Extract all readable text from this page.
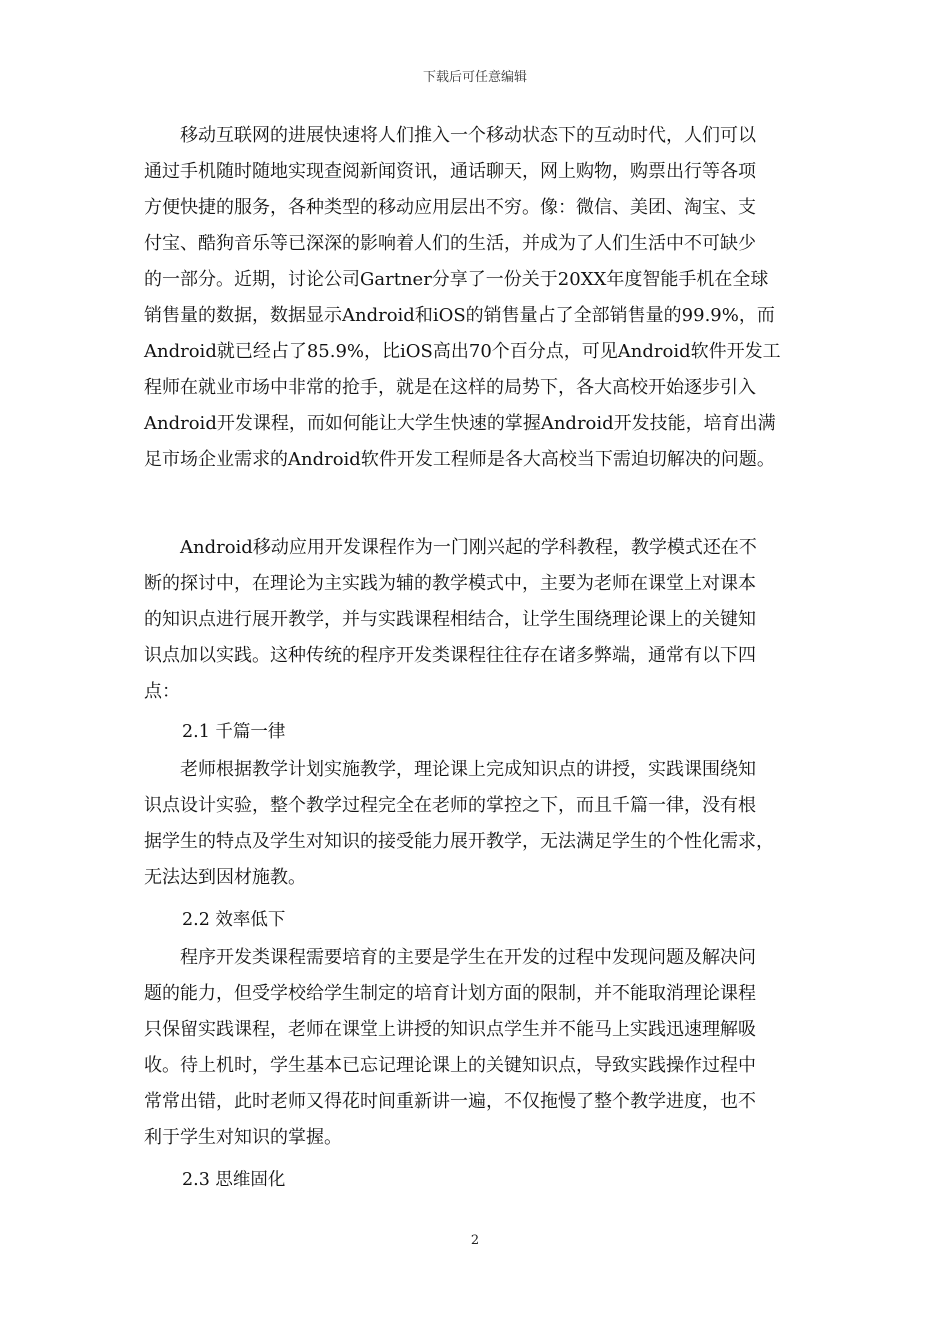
下载后可任意编辑
　　移动互联网的进展快速将人们推入一个移动状态下的互动时代，人们可以
通过手机随时随地实现查阅新闻资讯，通话聊天，网上购物，购票出行等各项
方便快捷的服务，各种类型的移动应用层出不穷。像：微信、美团、淘宝、支
付宝、酷狗音乐等已深深的影响着人们的生活，并成为了人们生活中不可缺少
的一部分。近期，讨论公司Gartner分享了一份关于20XX年度智能手机在全球
销售量的数据，数据显示Android和iOS的销售量占了全部销售量的99.9%，而
Android就已经占了85.9%，比iOS高出70个百分点，可见Android软件开发工
程师在就业市场中非常的抢手，就是在这样的局势下，各大高校开始逐步引入
Android开发课程，而如何能让大学生快速的掌握Android开发技能，培育出满
足市场企业需求的Android软件开发工程师是各大高校当下需迫切解决的问题。
　　Android移动应用开发课程作为一门刚兴起的学科教程，教学模式还在不
断的探讨中，在理论为主实践为辅的教学模式中，主要为老师在课堂上对课本
的知识点进行展开教学，并与实践课程相结合，让学生围绕理论课上的关键知
识点加以实践。这种传统的程序开发类课程往往存在诸多弊端，通常有以下四
点：
2.1 千篇一律
　　老师根据教学计划实施教学，理论课上完成知识点的讲授，实践课围绕知
识点设计实验，整个教学过程完全在老师的掌控之下，而且千篇一律，没有根
据学生的特点及学生对知识的接受能力展开教学，无法满足学生的个性化需求，
无法达到因材施教。
2.2 效率低下
　　程序开发类课程需要培育的主要是学生在开发的过程中发现问题及解决问
题的能力，但受学校给学生制定的培育计划方面的限制，并不能取消理论课程
只保留实践课程，老师在课堂上讲授的知识点学生并不能马上实践迅速理解吸
收。待上机时，学生基本已忘记理论课上的关键知识点，导致实践操作过程中
常常出错，此时老师又得花时间重新讲一遍，不仅拖慢了整个教学进度，也不
利于学生对知识的掌握。
2.3 思维固化
2
